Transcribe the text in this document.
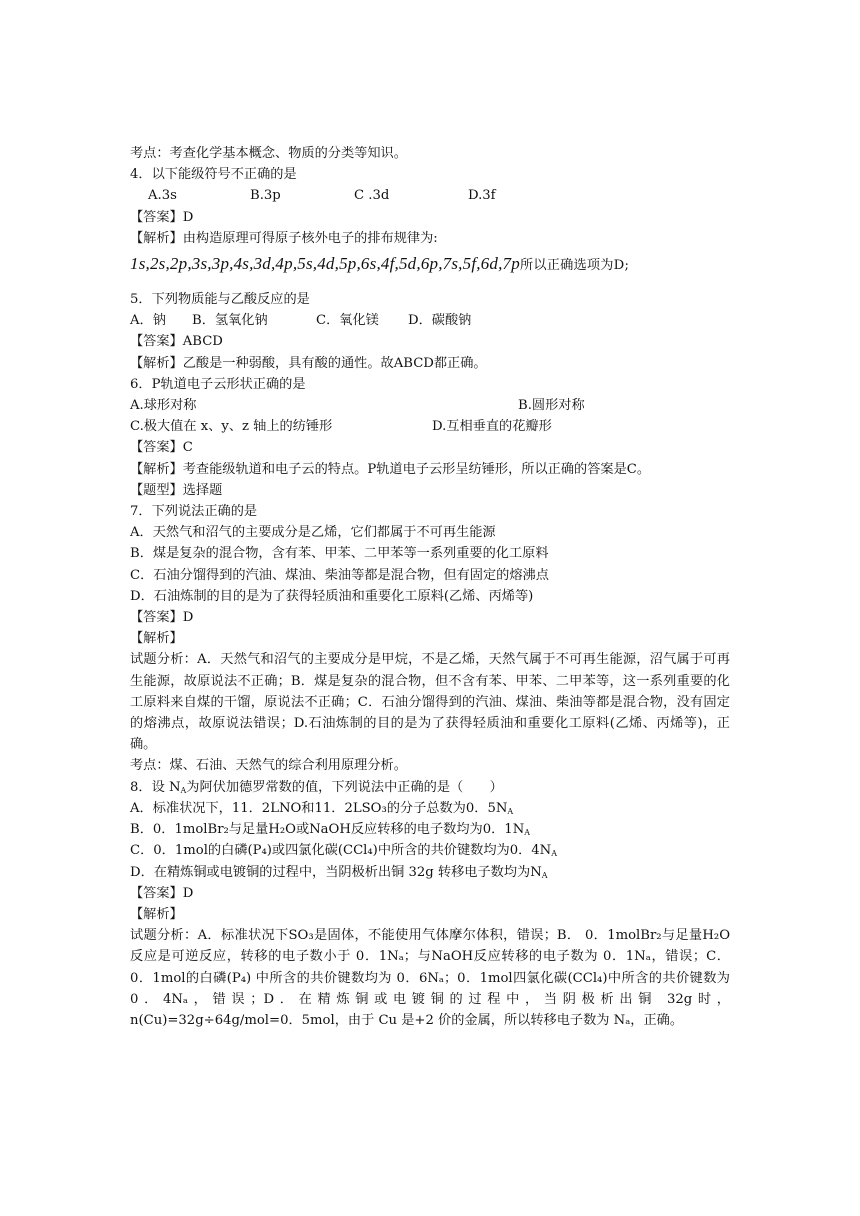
考点：考查化学基本概念、物质的分类等知识。
4．以下能级符号不正确的是
A.3s	B.3p	C .3d	D.3f
【答案】D
【解析】由构造原理可得原子核外电子的排布规律为:
1s,2s,2p,3s,3p,4s,3d,4p,5s,4d,5p,6s,4f,5d,6p,7s,5f,6d,7p所以正确选项为D;
5．下列物质能与乙酸反应的是
A．钠	B．氢氧化钠	C．氧化镁	D．碳酸钠
【答案】ABCD
【解析】乙酸是一种弱酸，具有酸的通性。故ABCD都正确。
6．P轨道电子云形状正确的是
A.球形对称	B.圆形对称
C.极大值在 x、y、z 轴上的纺锤形	D.互相垂直的花瓣形
【答案】C
【解析】考查能级轨道和电子云的特点。P轨道电子云形呈纺锤形，所以正确的答案是C。
【题型】选择题
7．下列说法正确的是
A．天然气和沼气的主要成分是乙烯，它们都属于不可再生能源
B．煤是复杂的混合物，含有苯、甲苯、二甲苯等一系列重要的化工原料
C．石油分馏得到的汽油、煤油、柴油等都是混合物，但有固定的熔沸点
D．石油炼制的目的是为了获得轻质油和重要化工原料(乙烯、丙烯等)
【答案】D
【解析】
试题分析：A．天然气和沼气的主要成分是甲烷，不是乙烯，天然气属于不可再生能源，沼气属于可再生能源，故原说法不正确；B．煤是复杂的混合物，但不含有苯、甲苯、二甲苯等，这一系列重要的化工原料来自煤的干馏，原说法不正确；C．石油分馏得到的汽油、煤油、柴油等都是混合物，没有固定的熔沸点，故原说法错误；D.石油炼制的目的是为了获得轻质油和重要化工原料(乙烯、丙烯等)，正确。
考点：煤、石油、天然气的综合利用原理分析。
8．设 $N_A$为阿伏加德罗常数的值，下列说法中正确的是（　　）
A．标准状况下，11．2LNO和11．2LSO₃的分子总数为0．$5N_A$
B．0．1molBr₂与足量H₂O或NaOH反应转移的电子数均为0．$1N_A$
C．0．1mol的白磷(P₄)或四氯化碳(CCl₄)中所含的共价键数均为0．$4N_A$
D．在精炼铜或电镀铜的过程中，当阴极析出铜 32g 转移电子数均为$N_A$
【答案】D
【解析】
试题分析：A．标准状况下SO₃是固体，不能使用气体摩尔体积，错误；B． 0．1molBr₂与足量H₂O反应是可逆反应，转移的电子数小于 0．1Nₐ；与NaOH反应转移的电子数为 0．1Nₐ，错误；C． 0．1mol的白磷(P₄) 中所含的共价键数均为 0．6Nₐ；0．1mol四氯化碳(CCl₄)中所含的共价键数为 0．4Nₐ，错误；D．在精炼铜或电镀铜的过程中，当阴极析出铜 32g时，n(Cu)=32g÷64g/mol=0．5mol，由于 Cu 是+2 价的金属，所以转移电子数为 Nₐ，正确。
